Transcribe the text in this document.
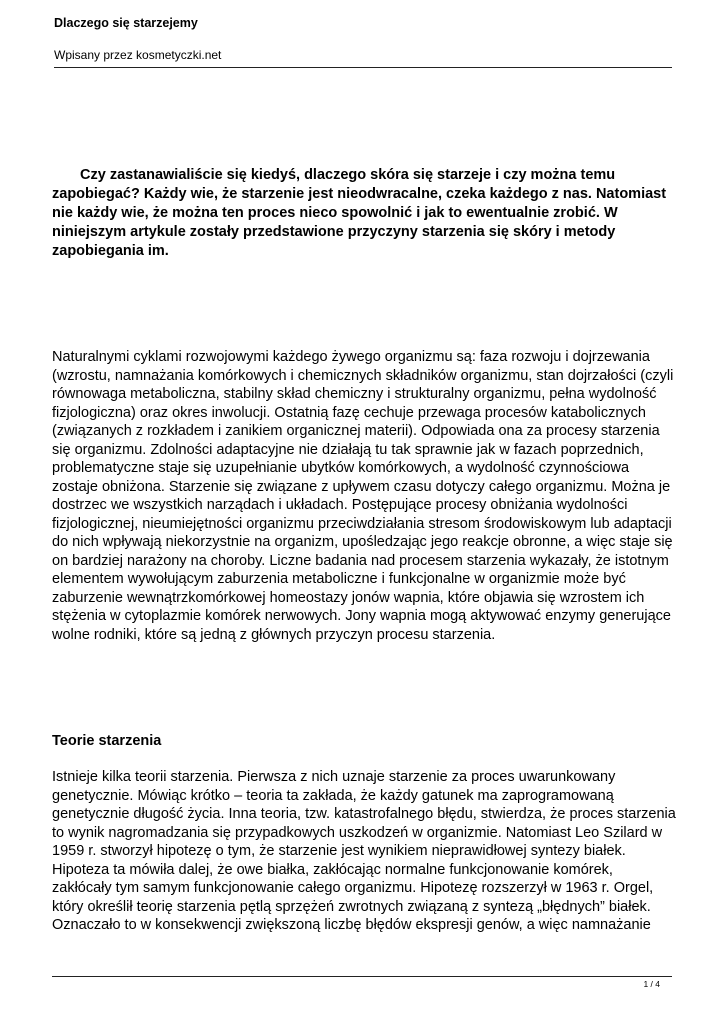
Dlaczego się starzejemy
Wpisany przez kosmetyczki.net

Czy zastanawialiście się kiedyś, dlaczego skóra się starzeje i czy można temu zapobiegać? Każdy wie, że starzenie jest nieodwracalne, czeka każdego z nas. Natomiast nie każdy wie, że można ten proces nieco spowolnić i jak to ewentualnie zrobić. W niniejszym artykule zostały przedstawione przyczyny starzenia się skóry i metody zapobiegania im.

Naturalnymi cyklami rozwojowymi każdego żywego organizmu są: faza rozwoju i dojrzewania (wzrostu, namnażania komórkowych i chemicznych składników organizmu, stan dojrzałości (czyli równowaga metaboliczna, stabilny skład chemiczny i strukturalny organizmu, pełna wydolność fizjologiczna) oraz okres inwolucji. Ostatnią fazę cechuje przewaga procesów katabolicznych (związanych z rozkładem i zanikiem organicznej materii). Odpowiada ona za procesy starzenia się organizmu. Zdolności adaptacyjne nie działają tu tak sprawnie jak w fazach poprzednich, problematyczne staje się uzupełnianie ubytków komórkowych, a wydolność czynnościowa zostaje obniżona. Starzenie się związane z upływem czasu dotyczy całego organizmu. Można je dostrzec we wszystkich narządach i układach. Postępujące procesy obniżania wydolności fizjologicznej, nieumiejętności organizmu przeciwdziałania stresom środowiskowym lub adaptacji do nich wpływają niekorzystnie na organizm, upośledzając jego reakcje obronne, a więc staje się on bardziej narażony na choroby. Liczne badania nad procesem starzenia wykazały, że istotnym elementem wywołującym zaburzenia metaboliczne i funkcjonalne w organizmie może być zaburzenie wewnątrzkomórkowej homeostazy jonów wapnia, które objawia się wzrostem ich stężenia w cytoplazmie komórek nerwowych. Jony wapnia mogą aktywować enzymy generujące wolne rodniki, które są jedną z głównych przyczyn procesu starzenia.

Teorie starzenia

Istnieje kilka teorii starzenia. Pierwsza z nich uznaje starzenie za proces uwarunkowany genetycznie. Mówiąc krótko – teoria ta zakłada, że każdy gatunek ma zaprogramowaną genetycznie długość życia. Inna teoria, tzw. katastrofalnego błędu, stwierdza, że proces starzenia to wynik nagromadzania się przypadkowych uszkodzeń w organizmie. Natomiast Leo Szilard w 1959 r. stworzył hipotezę o tym, że starzenie jest wynikiem nieprawidłowej syntezy białek. Hipoteza ta mówiła dalej, że owe białka, zakłócając normalne funkcjonowanie komórek, zakłócały tym samym funkcjonowanie całego organizmu. Hipotezę rozszerzył w 1963 r. Orgel, który określił teorię starzenia pętlą sprzężeń zwrotnych związaną z syntezą „błędnych” białek. Oznaczało to w konsekwencji zwiększoną liczbę błędów ekspresji genów, a więc namnażanie

1 / 4
